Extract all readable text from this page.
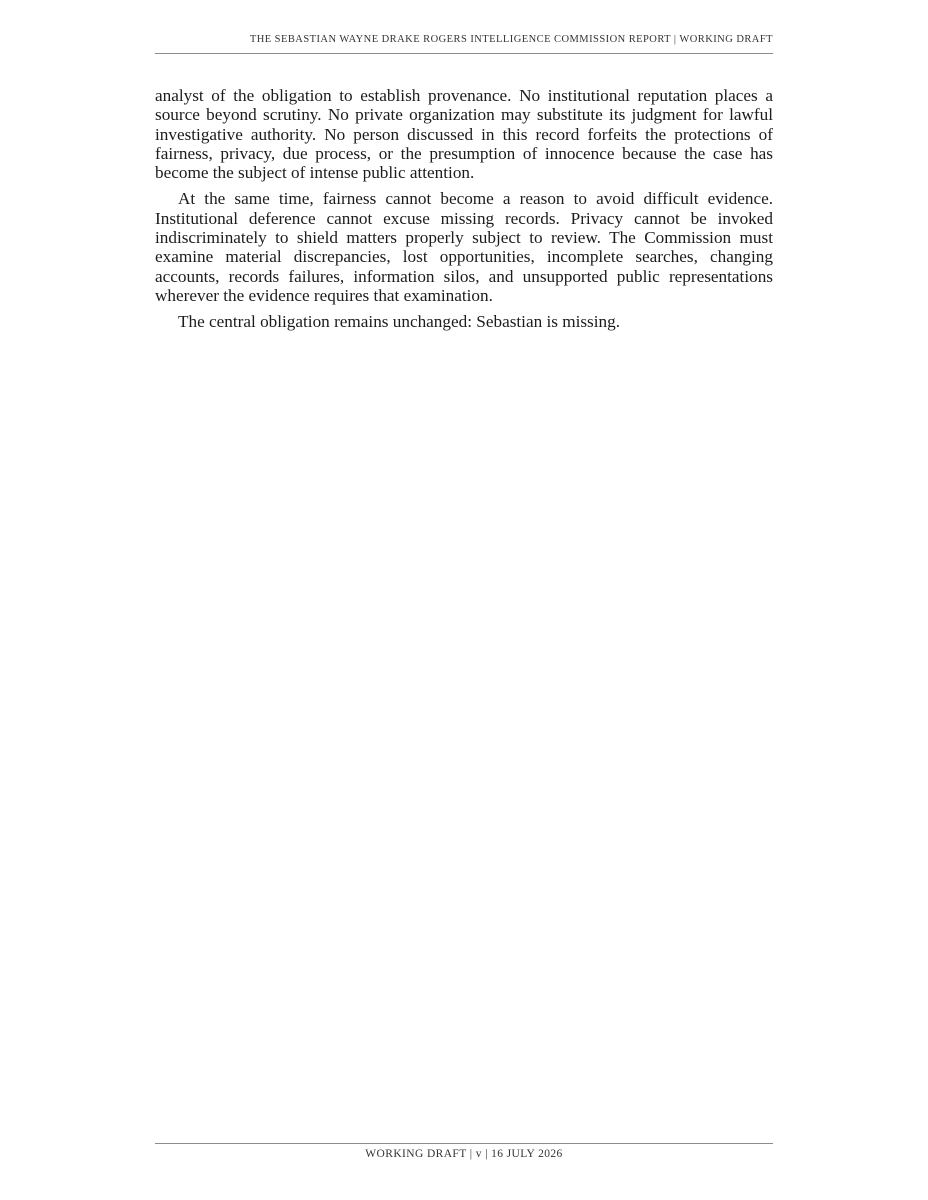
THE SEBASTIAN WAYNE DRAKE ROGERS INTELLIGENCE COMMISSION REPORT | WORKING DRAFT

analyst of the obligation to establish provenance. No institutional reputation places a source beyond scrutiny. No private organization may substitute its judgment for lawful investigative authority. No person discussed in this record forfeits the protections of fairness, privacy, due process, or the presumption of innocence because the case has become the subject of intense public attention.

At the same time, fairness cannot become a reason to avoid difficult evidence. Institutional deference cannot excuse missing records. Privacy cannot be invoked indiscriminately to shield matters properly subject to review. The Commission must examine material discrepancies, lost opportunities, incomplete searches, changing accounts, records failures, information silos, and unsupported public representations wherever the evidence requires that examination.

The central obligation remains unchanged: Sebastian is missing.

WORKING DRAFT | v | 16 JULY 2026
